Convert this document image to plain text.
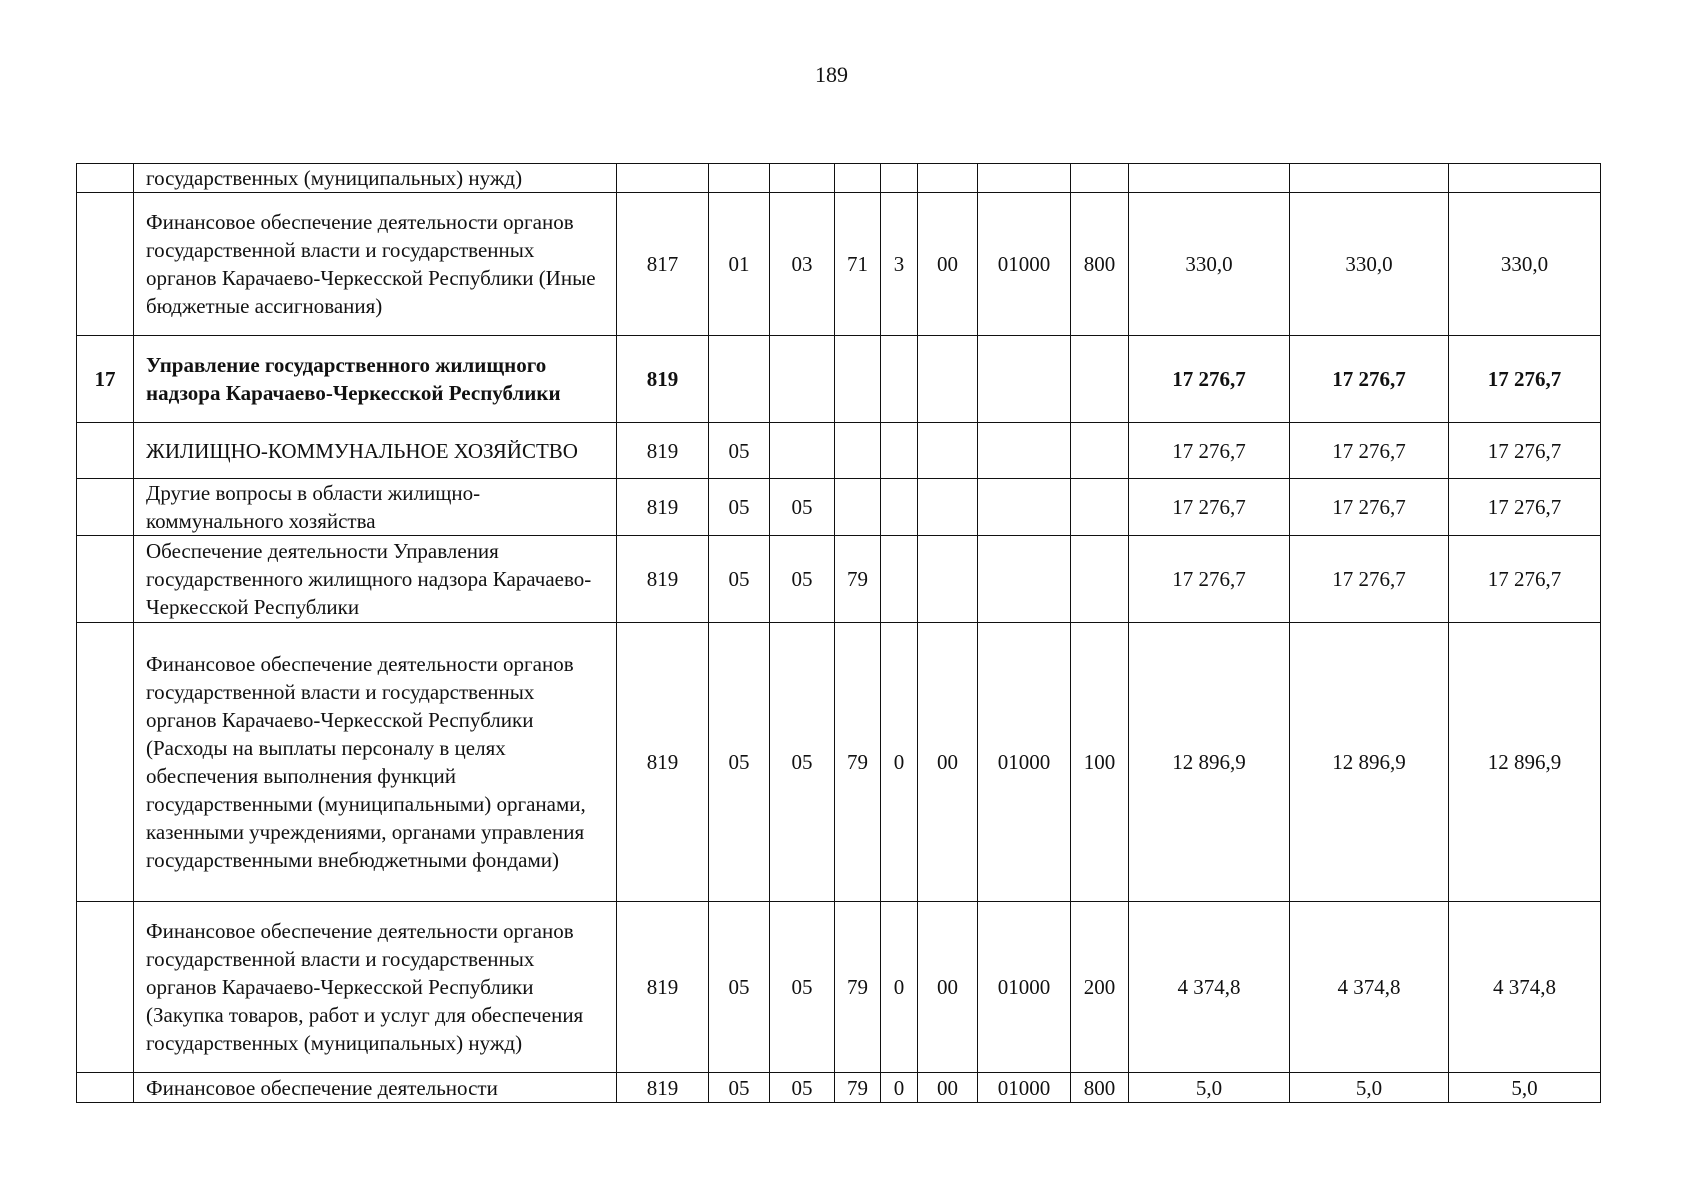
189
	государственных (муниципальных) нужд)											
	Финансовое обеспечение деятельности органов государственной власти и государственных органов Карачаево-Черкесской Республики (Иные бюджетные ассигнования)	817	01	03	71	3	00	01000	800	330,0	330,0	330,0
17	Управление государственного жилищного надзора Карачаево-Черкесской Республики	819								17 276,7	17 276,7	17 276,7
	ЖИЛИЩНО-КОММУНАЛЬНОЕ ХОЗЯЙСТВО	819	05							17 276,7	17 276,7	17 276,7
	Другие вопросы в области жилищно-коммунального хозяйства	819	05	05						17 276,7	17 276,7	17 276,7
	Обеспечение деятельности Управления государственного жилищного надзора Карачаево-Черкесской Республики	819	05	05	79					17 276,7	17 276,7	17 276,7
	Финансовое обеспечение деятельности органов государственной власти и государственных органов Карачаево-Черкесской Республики (Расходы на выплаты персоналу в целях обеспечения выполнения функций государственными (муниципальными) органами, казенными учреждениями, органами управления государственными внебюджетными фондами)	819	05	05	79	0	00	01000	100	12 896,9	12 896,9	12 896,9
	Финансовое обеспечение деятельности органов государственной власти и государственных органов Карачаево-Черкесской Республики (Закупка товаров, работ и услуг для обеспечения государственных (муниципальных) нужд)	819	05	05	79	0	00	01000	200	4 374,8	4 374,8	4 374,8
	Финансовое обеспечение деятельности	819	05	05	79	0	00	01000	800	5,0	5,0	5,0
